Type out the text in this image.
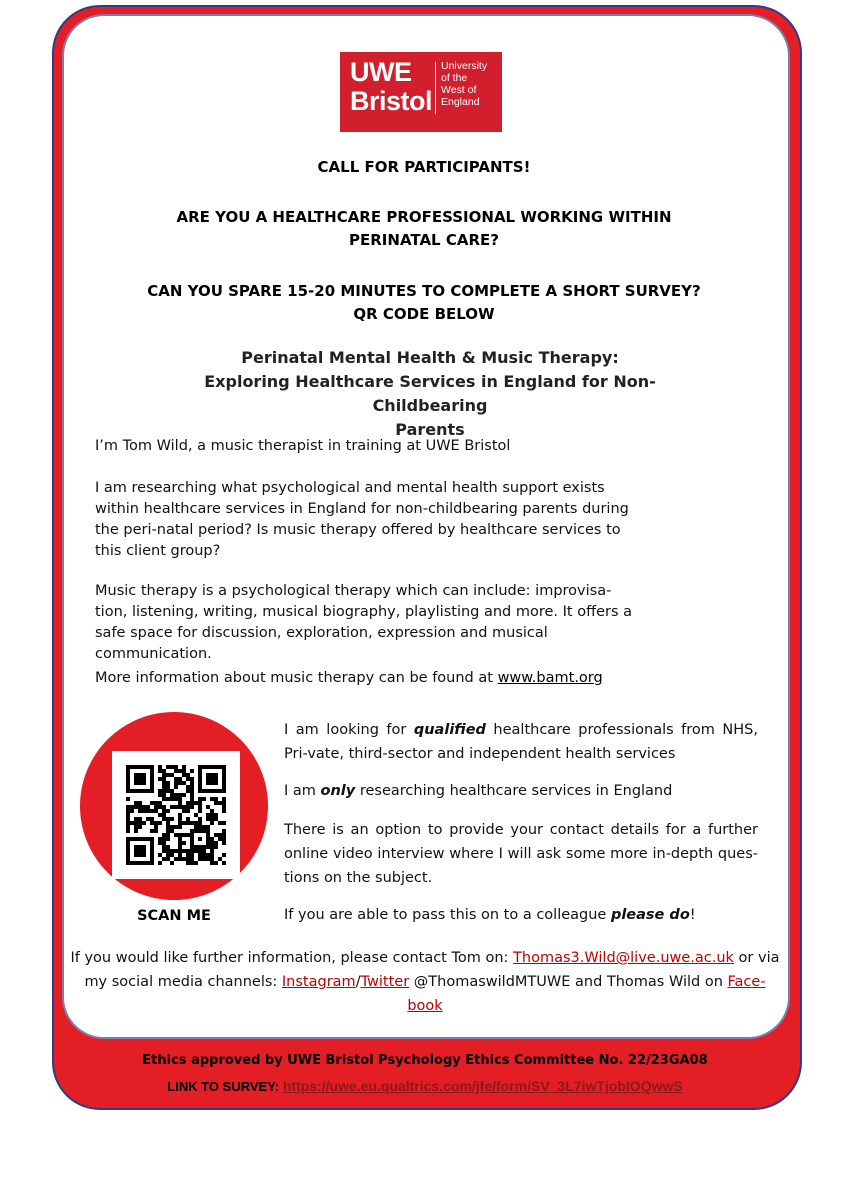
UWE
Bristol
University
of the
West of
England
CALL FOR PARTICIPANTS!
ARE YOU A HEALTHCARE PROFESSIONAL WORKING WITHIN
PERINATAL CARE?
CAN YOU SPARE 15-20 MINUTES TO COMPLETE A SHORT SURVEY?
QR CODE BELOW
Perinatal Mental Health & Music Therapy:
Exploring Healthcare Services in England for Non-Childbearing
Parents
I’m Tom Wild, a music therapist in training at UWE Bristol
I am researching what psychological and mental health support exists within healthcare services in England for non-childbearing parents during the peri-natal period? Is music therapy offered by healthcare services to this client group?
Music therapy is a psychological therapy which can include: improvisa-tion, listening, writing, musical biography, playlisting and more. It offers a safe space for discussion, exploration, expression and musical communication.
More information about music therapy can be found at www.bamt.org
SCAN ME
I am looking for qualified healthcare professionals from NHS, Pri-vate, third-sector and independent health services
I am only researching healthcare services in England
There is an option to provide your contact details for a further online video interview where I will ask some more in-depth ques-tions on the subject.
If you are able to pass this on to a colleague please do!
If you would like further information, please contact Tom on: Thomas3.Wild@live.uwe.ac.uk or via my social media channels: Instagram/Twitter @ThomaswildMTUWE and Thomas Wild on Face-book
Ethics approved by UWE Bristol Psychology Ethics Committee No. 22/23GA08
LINK TO SURVEY: https://uwe.eu.qualtrics.com/jfe/form/SV_3L7iwTjobIOQwwS
